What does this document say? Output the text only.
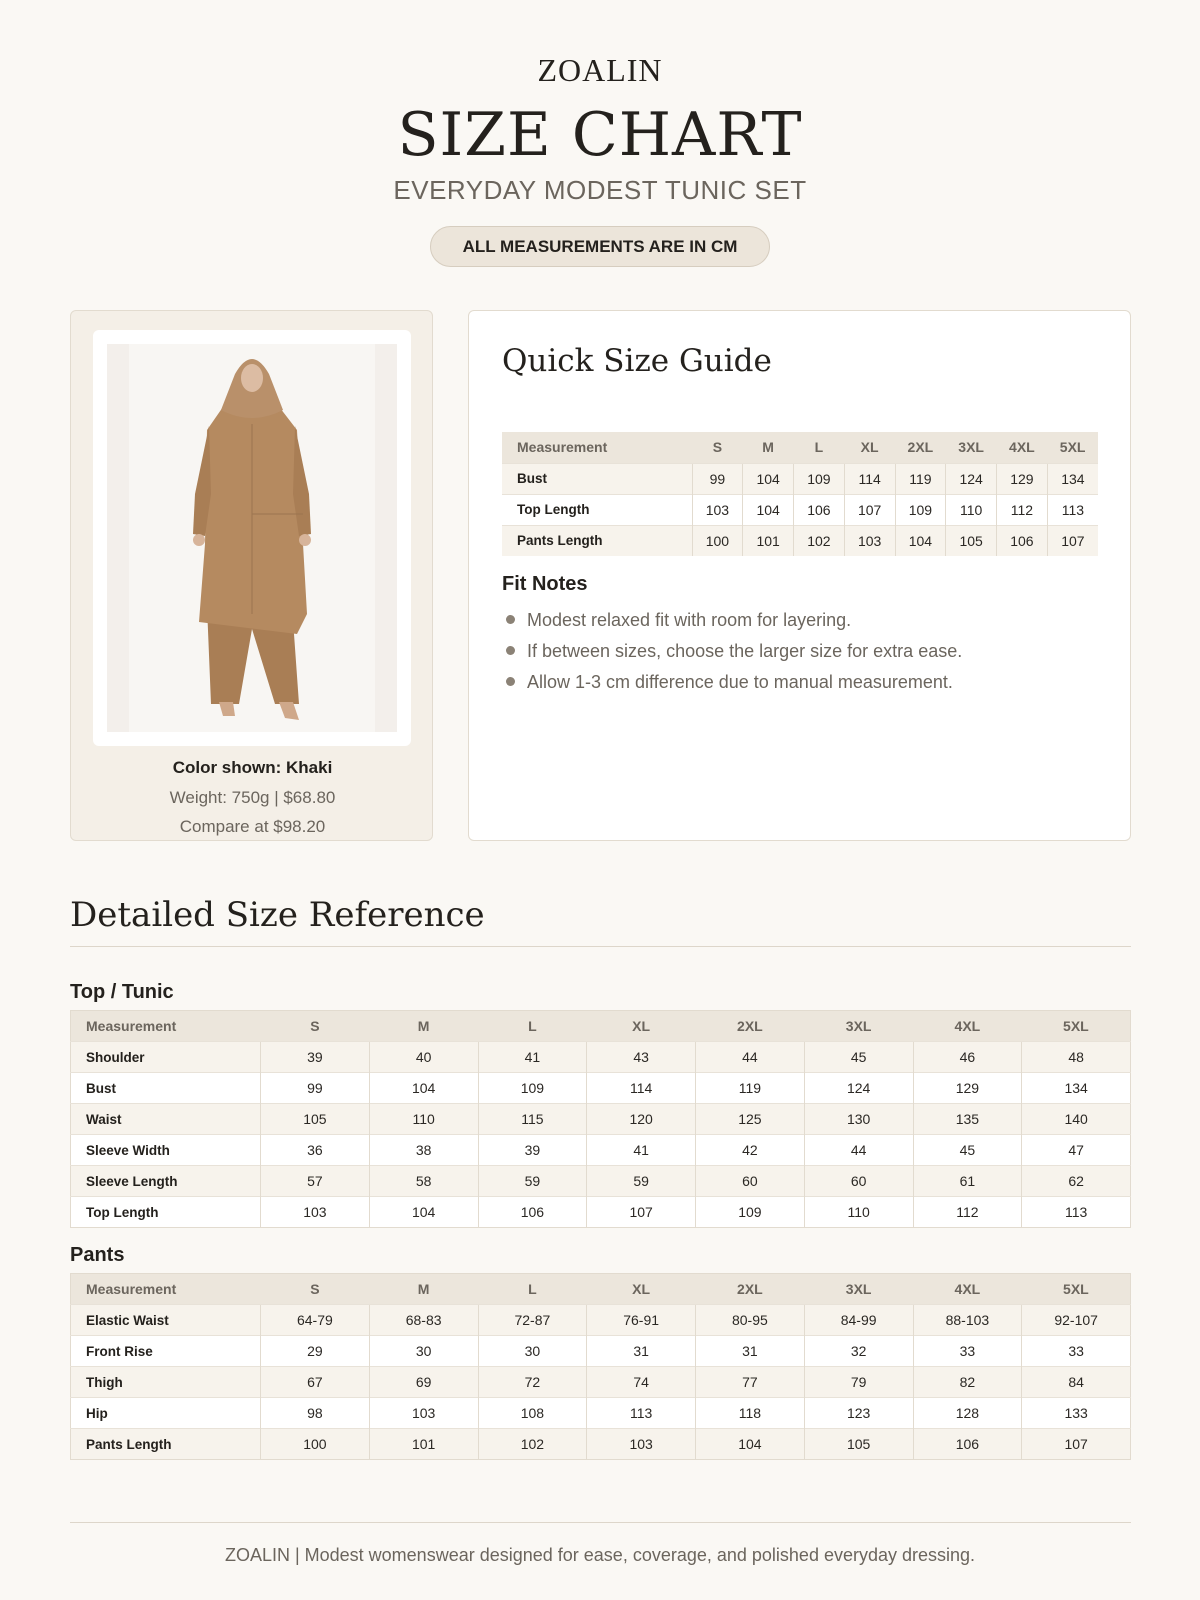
ZOALIN
SIZE CHART
EVERYDAY MODEST TUNIC SET
ALL MEASUREMENTS ARE IN CM
Color shown: Khaki
Weight: 750g | $68.80
Compare at $98.20
Quick Size Guide
Measurement	S	M	L	XL	2XL	3XL	4XL	5XL
Bust	99	104	109	114	119	124	129	134
Top Length	103	104	106	107	109	110	112	113
Pants Length	100	101	102	103	104	105	106	107
Fit Notes
Modest relaxed fit with room for layering.
If between sizes, choose the larger size for extra ease.
Allow 1-3 cm difference due to manual measurement.
Detailed Size Reference
Top / Tunic
Measurement	S	M	L	XL	2XL	3XL	4XL	5XL
Shoulder	39	40	41	43	44	45	46	48
Bust	99	104	109	114	119	124	129	134
Waist	105	110	115	120	125	130	135	140
Sleeve Width	36	38	39	41	42	44	45	47
Sleeve Length	57	58	59	59	60	60	61	62
Top Length	103	104	106	107	109	110	112	113
Pants
Measurement	S	M	L	XL	2XL	3XL	4XL	5XL
Elastic Waist	64-79	68-83	72-87	76-91	80-95	84-99	88-103	92-107
Front Rise	29	30	30	31	31	32	33	33
Thigh	67	69	72	74	77	79	82	84
Hip	98	103	108	113	118	123	128	133
Pants Length	100	101	102	103	104	105	106	107
ZOALIN | Modest womenswear designed for ease, coverage, and polished everyday dressing.
